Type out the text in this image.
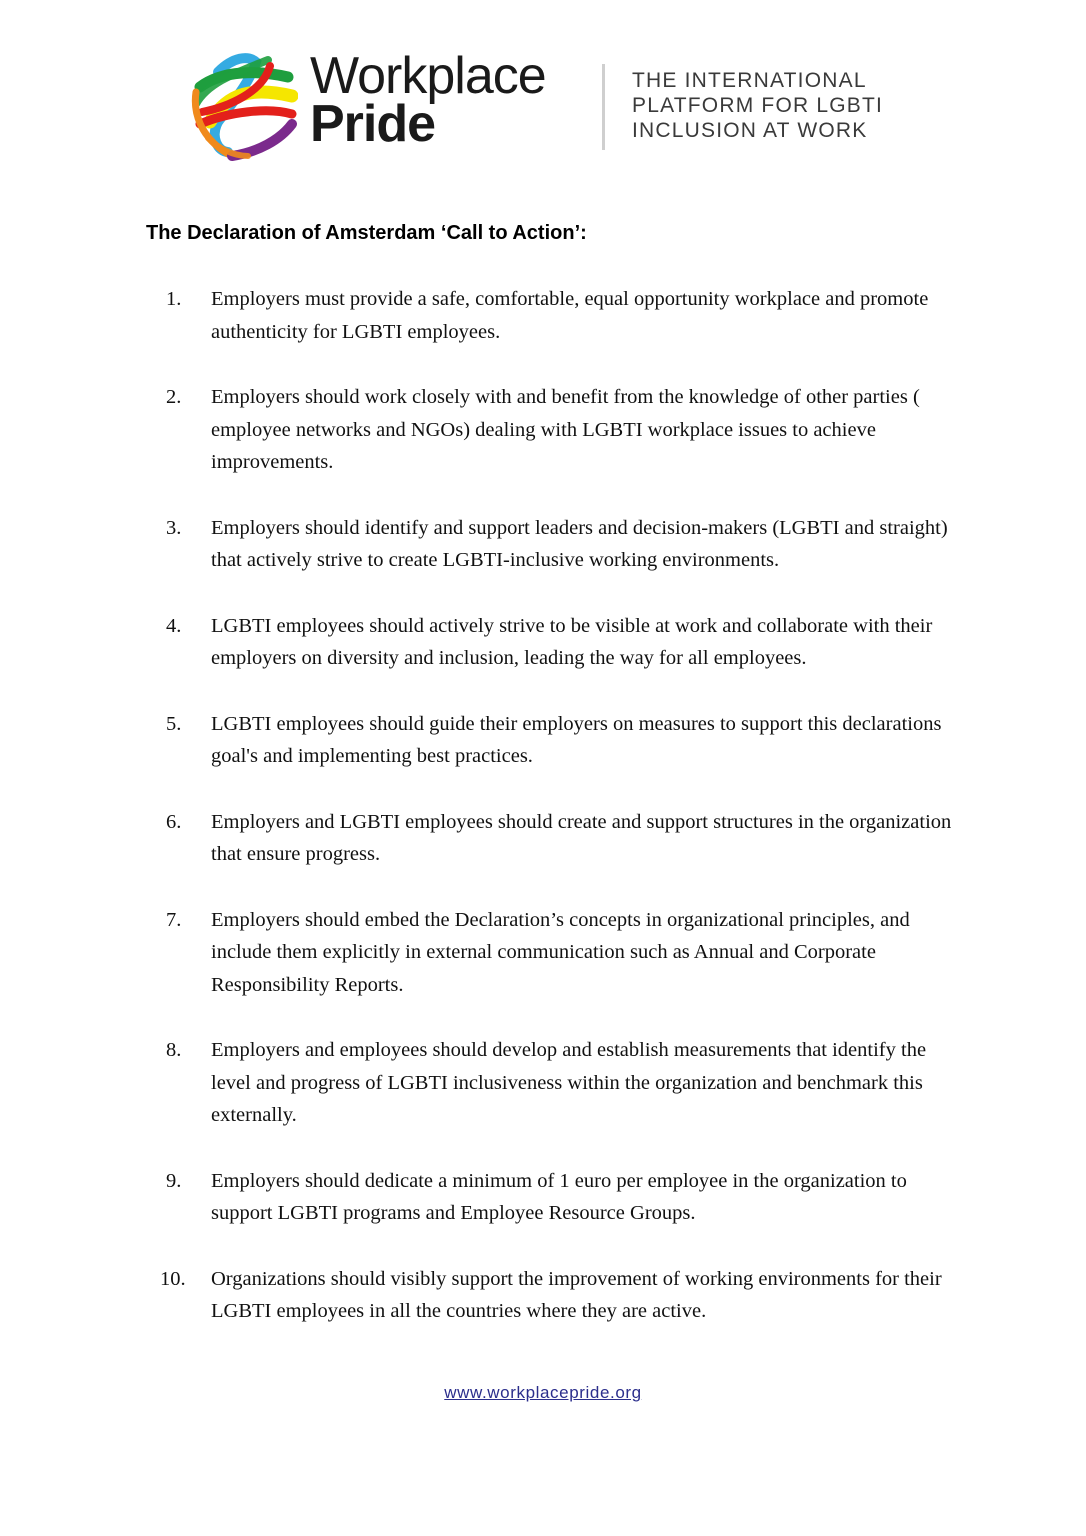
Workplace
Pride
THE INTERNATIONAL
PLATFORM FOR LGBTI
INCLUSION AT WORK
The Declaration of Amsterdam ‘Call to Action’:
1. Employers must provide a safe, comfortable, equal opportunity workplace and promote authenticity for LGBTI employees.
2. Employers should work closely with and benefit from the knowledge of other parties ( employee networks and NGOs) dealing with LGBTI workplace issues to achieve improvements.
3. Employers should identify and support leaders and decision-makers (LGBTI and straight) that actively strive to create LGBTI-inclusive working environments.
4. LGBTI employees should actively strive to be visible at work and collaborate with their employers on diversity and inclusion, leading the way for all employees.
5. LGBTI employees should guide their employers on measures to support this declarations goal's and implementing best practices.
6. Employers and LGBTI employees should create and support structures in the organization that ensure progress.
7. Employers should embed the Declaration’s concepts in organizational principles, and include them explicitly in external communication such as Annual and Corporate Responsibility Reports.
8. Employers and employees should develop and establish measurements that identify the level and progress of LGBTI inclusiveness within the organization and benchmark this externally.
9. Employers should dedicate a minimum of 1 euro per employee in the organization to support LGBTI programs and Employee Resource Groups.
10. Organizations should visibly support the improvement of working environments for their LGBTI employees in all the countries where they are active.
www.workplacepride.org
